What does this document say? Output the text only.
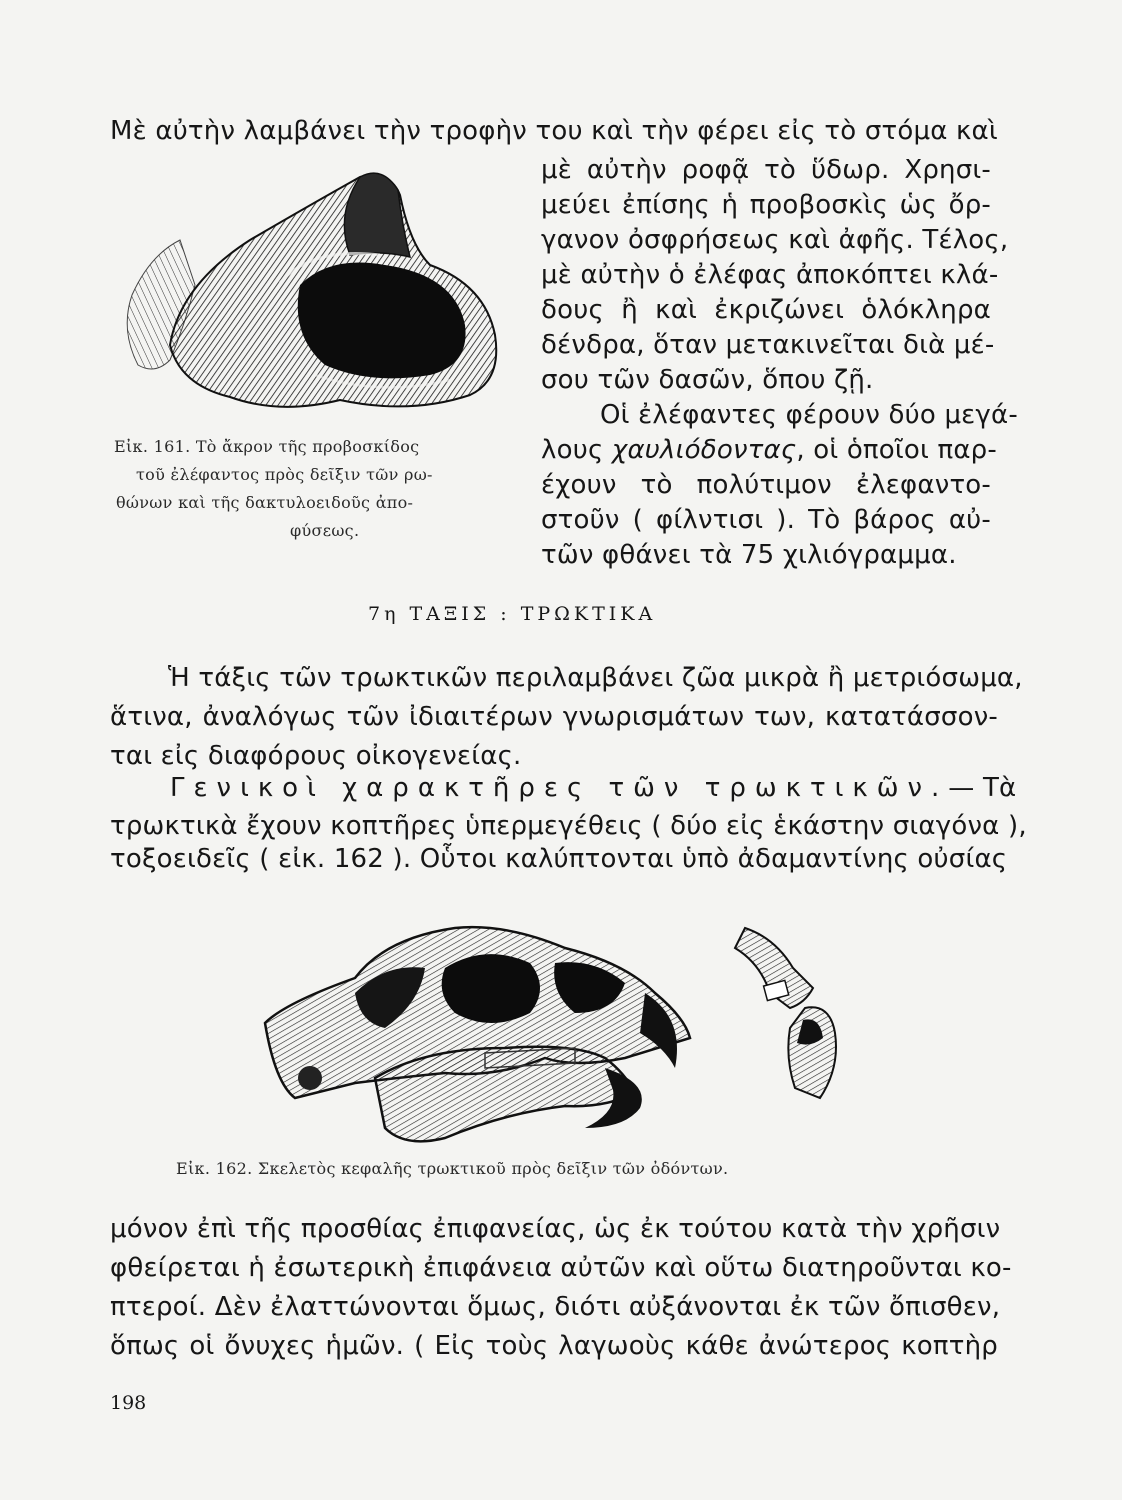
Μὲ αὐτὴν λαμβάνει τὴν τροφὴν του καὶ τὴν φέρει εἰς τὸ στόμα καὶ
μὲ αὐτὴν ροφᾷ τὸ ὕδωρ. Χρησι-
μεύει ἐπίσης ἡ προβοσκὶς ὡς ὄρ-
γανον ὀσφρήσεως καὶ ἀφῆς. Τέλος,
μὲ αὐτὴν ὁ ἐλέφας ἀποκόπτει κλά-
δους ἢ καὶ ἐκριζώνει ὁλόκληρα
δένδρα, ὅταν μετακινεῖται διὰ μέ-
σου τῶν δασῶν, ὅπου ζῇ.
Οἱ ἐλέφαντες φέρουν δύο μεγά-
λους χαυλιόδοντας , οἱ ὁποῖοι παρ-
έχουν τὸ πολύτιμον ἐλεφαντο-
στοῦν ( φίλντισι ). Τὸ βάρος αὐ-
τῶν φθάνει τὰ 75 χιλιόγραμμα.
Εἰκ. 161. Τὸ ἄκρον τῆς προβοσκίδος
τοῦ ἐλέφαντος πρὸς δεῖξιν τῶν ρω-
θώνων καὶ τῆς δακτυλοειδοῦς ἀπο-
φύσεως.
7η ΤΑΞΙΣ : ΤΡΩΚΤΙΚΑ
Ἡ τάξις τῶν τρωκτικῶν περιλαμβάνει ζῶα μικρὰ ἢ μετριόσωμα,
ἅτινα, ἀναλόγως τῶν ἰδιαιτέρων γνωρισμάτων των, κατατάσσον-
ται εἰς διαφόρους οἰκογενείας.
Γενικοὶ χαρακτῆρες τῶν τρωκτικῶν. — Τὰ
τρωκτικὰ ἔχουν κοπτῆρες ὑπερμεγέθεις ( δύο εἰς ἑκάστην σιαγόνα ),
τοξοειδεῖς ( εἰκ. 162 ). Οὗτοι καλύπτονται ὑπὸ ἀδαμαντίνης οὐσίας
Εἰκ. 162. Σκελετὸς κεφαλῆς τρωκτικοῦ πρὸς δεῖξιν τῶν ὀδόντων.
μόνον ἐπὶ τῆς προσθίας ἐπιφανείας, ὡς ἐκ τούτου κατὰ τὴν χρῆσιν
φθείρεται ἡ ἐσωτερικὴ ἐπιφάνεια αὐτῶν καὶ οὕτω διατηροῦνται κο-
πτεροί. Δὲν ἐλαττώνονται ὅμως, διότι αὐξάνονται ἐκ τῶν ὄπισθεν,
ὅπως οἱ ὄνυχες ἡμῶν. ( Εἰς τοὺς λαγωοὺς κάθε ἀνώτερος κοπτὴρ
198
